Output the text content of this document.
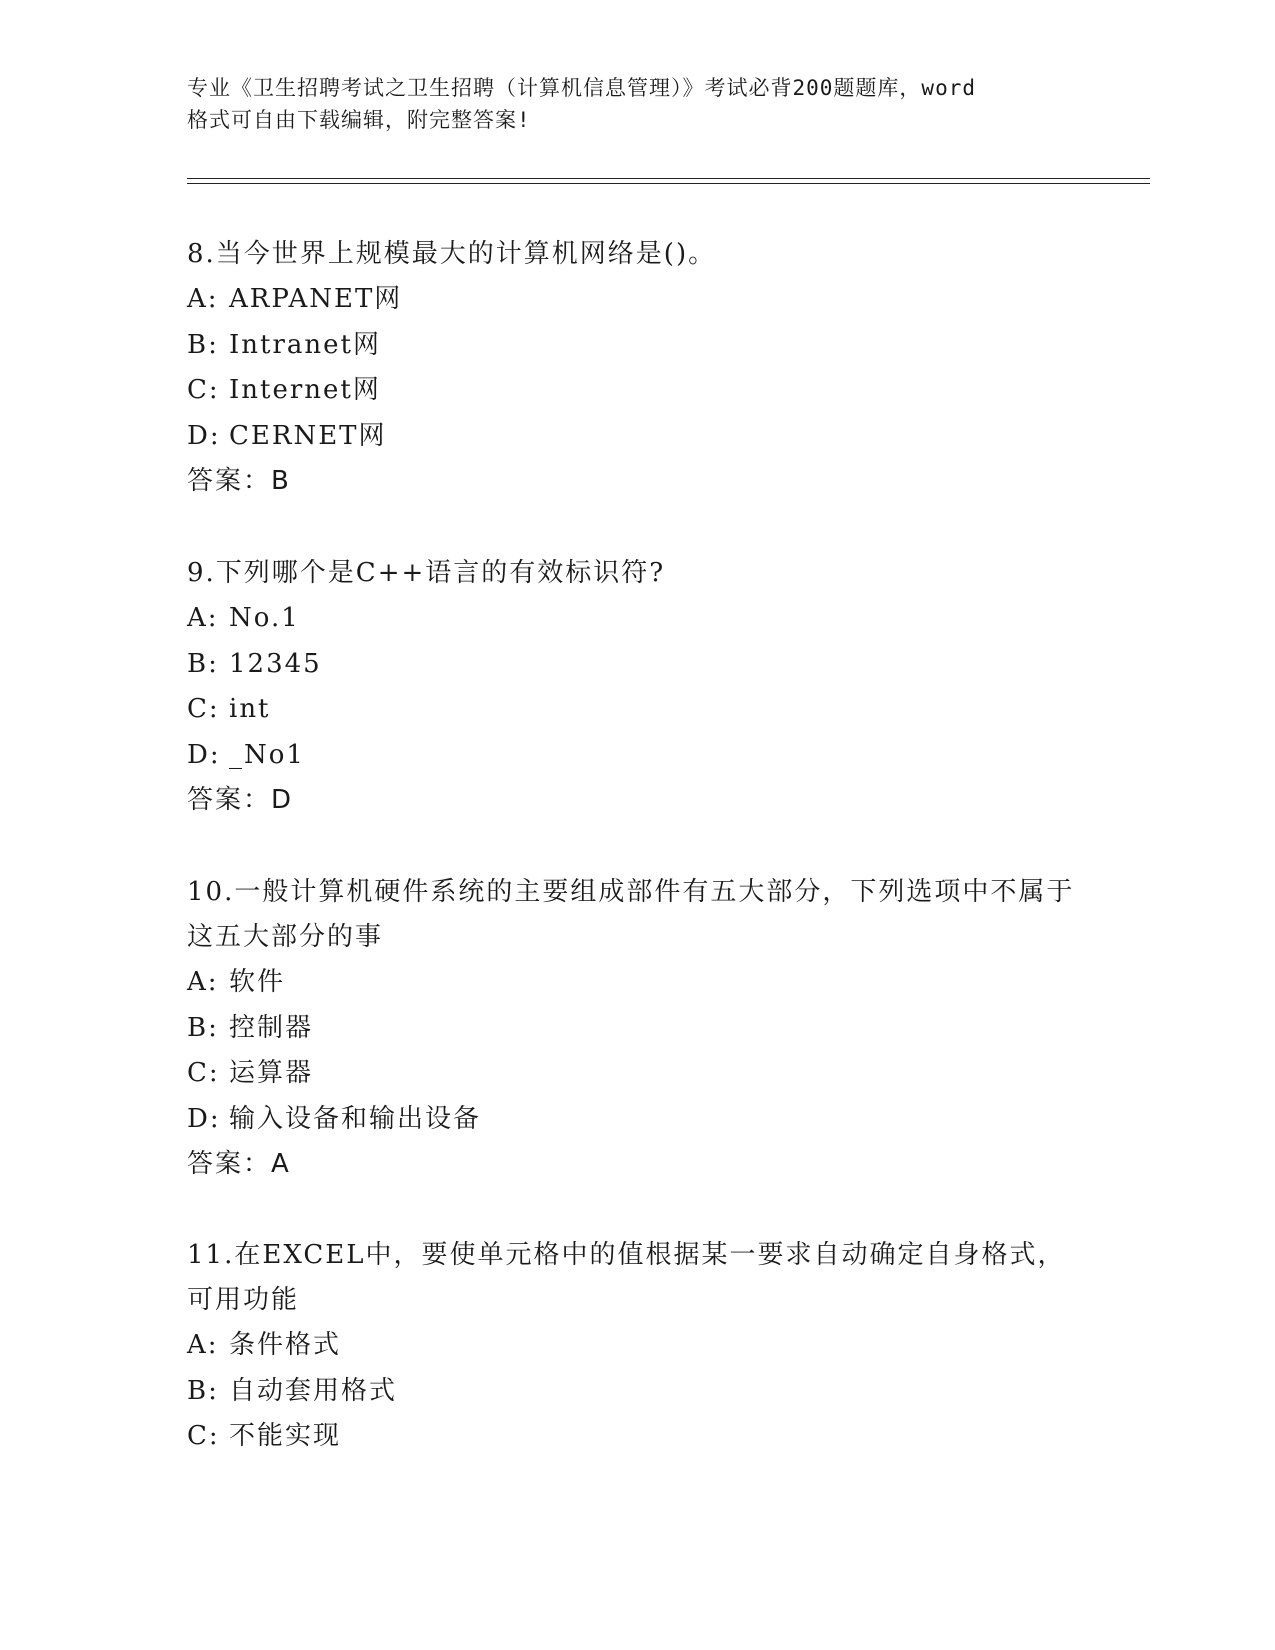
专业《卫生招聘考试之卫生招聘（计算机信息管理）》考试必背200题题库，word
格式可自由下载编辑，附完整答案!
8.当今世界上规模最大的计算机网络是()。
A: ARPANET网
B: Intranet网
C: Internet网
D: CERNET网
答案：B
9.下列哪个是C++语言的有效标识符?
A: No.1
B: 12345
C: int
D: _No1
答案：D
10.一般计算机硬件系统的主要组成部件有五大部分，下列选项中不属于这五大部分的事
A: 软件
B: 控制器
C: 运算器
D: 输入设备和输出设备
答案：A
11.在EXCEL中，要使单元格中的值根据某一要求自动确定自身格式，可用功能
A: 条件格式
B: 自动套用格式
C: 不能实现
